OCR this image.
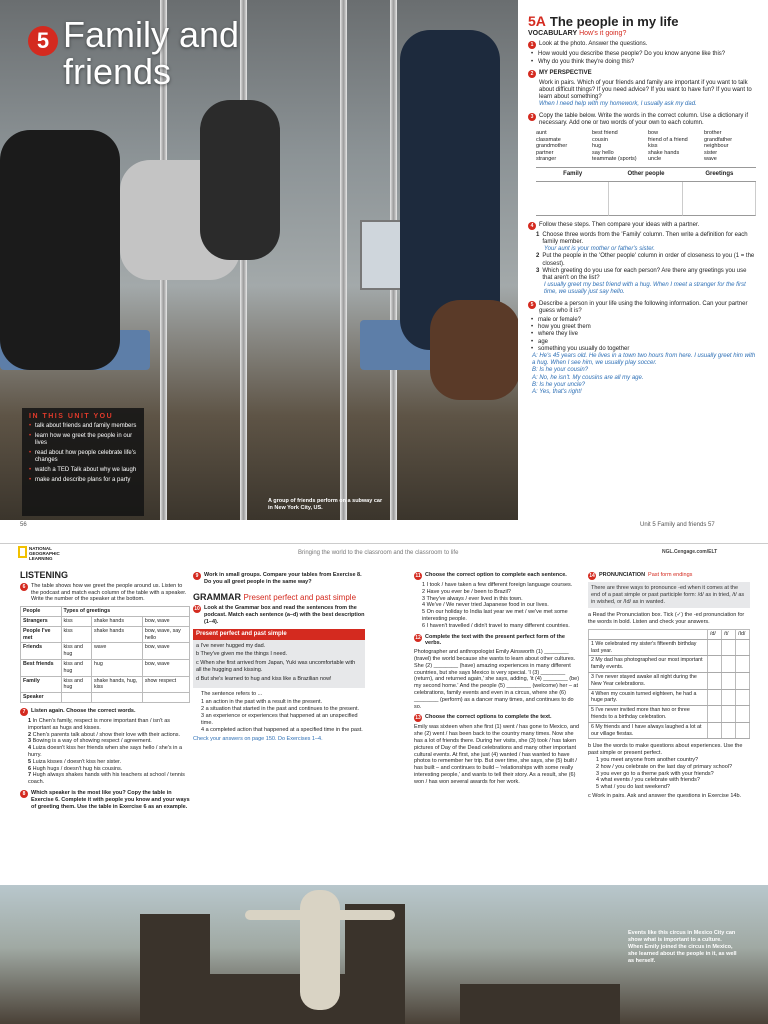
5 Family and friends
IN THIS UNIT YOU
• talk about friends and family members
• learn how we greet the people in our lives
• read about how people celebrate life's changes
• watch a TED Talk about why we laugh
• make and describe plans for a party
A group of friends perform on a subway car in New York City, US.
56
5A The people in my life
VOCABULARY How's it going?
1 Look at the photo. Answer the questions.
• How would you describe these people? Do you know anyone like this?
• Why do you think they're doing this?
2 MY PERSPECTIVE
Work in pairs. Which of your friends and family are important if you want to talk about difficult things? If you need advice? If you want to have fun? If you want to learn about something?
When I need help with my homework, I usually ask my dad.
3 Copy the table below. Write the words in the correct column. Use a dictionary if necessary. Add one or two words of your own to each column.
aunt	best friend	bow	brother
classmate	cousin	friend of a friend	grandfather
grandmother	hug	kiss	neighbour
partner	say hello	shake hands	sister
stranger	teammate (sports)	uncle	wave
Family	Other people	Greetings
4 Follow these steps. Then compare your ideas with a partner.
1 Choose three words from the 'Family' column. Then write a definition for each family member.
Your aunt is your mother or father's sister.
2 Put the people in the 'Other people' column in order of closeness to you (1 = the closest).
3 Which greeting do you use for each person? Are there any greetings you use that aren't on the list?
I usually greet my best friend with a hug. When I meet a stranger for the first time, we usually just say hello.
5 Describe a person in your life using the following information. Can your partner guess who it is?
• male or female?
• how you greet them
• where they live
• age
• something you usually do together
A: He's 45 years old. He lives in a town two hours from here. I usually greet him with a hug. When I see him, we usually play soccer.
B: Is he your cousin?
A: No, he isn't. My cousins are all my age.
B: Is he your uncle?
A: Yes, that's right!
Unit 5 Family and friends 57
NATIONAL GEOGRAPHIC LEARNING
Bringing the world to the classroom and the classroom to life	NGL.Cengage.com/ELT
LISTENING
6	The table shows how we greet the people around us. Listen to the podcast and match each column of the table with a speaker. Write the number of the speaker at the bottom.
People	Types of greetings		
Strangers	kiss	shake hands	bow, wave
People I've met	kiss	shake hands	bow, wave, say hello
Friends	kiss and hug	wave	bow, wave
Best friends	kiss and hug	hug	bow, wave
Family	kiss and hug	shake hands, hug, kiss	show respect
Speaker			
7	Listen again. Choose the correct words.
1 In Chen's family, respect is more important than / isn't as important as hugs and kisses.
2 Chen's parents talk about / show their love with their actions.
3 Bowing is a way of showing respect / agreement.
4 Luiza doesn't kiss her friends when she says hello / she's in a hurry.
5 Luiza kisses / doesn't kiss her sister.
6 Hugh hugs / doesn't hug his cousins.
7 Hugh always shakes hands with his teachers at school / tennis coach.
8	Which speaker is the most like you? Copy the table in Exercise 6. Complete it with people you know and your ways of greeting them. Use the table in Exercise 6 as an example.
9	Work in small groups. Compare your tables from Exercise 8. Do you all greet people in the same way?
GRAMMAR Present perfect and past simple
10 Look at the Grammar box and read the sentences from the podcast. Match each sentence (a–d) with the best description (1–4).
Present perfect and past simple

a I've never hugged my dad.

b They've given me the things I need.

c When she first arrived from Japan, Yuki was uncomfortable with all the hugging and kissing.

d But she's learned to hug and kiss like a Brazilian now!

The sentence refers to ...
1 an action in the past with a result in the present.
2 a situation that started in the past and continues to the present.
3 an experience or experiences that happened at an unspecified time.
4 a completed action that happened at a specified time in the past.
Check your answers on page 150. Do Exercises 1–4.
11 Choose the correct option to complete each sentence.
1 I took / have taken a few different foreign language courses.
2 Have you ever be / been to Brazil?
3 They've always / ever lived in this town.
4 We've / We never tried Japanese food in our lives.
5 On our holiday to India last year we met / we've met some interesting people.
6 I haven't travelled / didn't travel to many different countries.
12 Complete the text with the present perfect form of the verbs.
Photographer and anthropologist Emily Ainsworth (1) ________ (travel) the world because she wants to learn about other cultures. She (2) ________ (have) amazing experiences in many different countries, but she says Mexico is very special. 'I (3) ________ (return), and returned again,' she says, adding, 'it (4) ________ (be) my second home.' And the people (5) ________ (welcome) her – at celebrations, family events and even in a circus, where she (6) ________ (perform) as a dancer many times, and continues to do so.
13 Choose the correct options to complete the text.
Emily was sixteen when she first (1) went / has gone to Mexico, and she (2) went / has been back to the country many times. Now she has a lot of friends there. During her visits, she (3) took / has taken pictures of Day of the Dead celebrations and many other important cultural events. At first, she just (4) wanted / has wanted to have photos to remember her trip. But over time, she says, she (5) built / has built – and continues to build – 'relationships with some really interesting people,' and wants to tell their story. As a result, she (6) won / has won several awards for her work.
14 PRONUNCIATION Past form endings
There are three ways to pronounce -ed when it comes at the end of a past simple or past participle form: /d/ as in tried, /t/ as in wished, or /Id/ as in wanted.
a Read the Pronunciation box. Tick (✓) the -ed pronunciation for the words in bold. Listen and check your answers.
	/d/	/t/	/Id/
1 We celebrated my sister's fifteenth birthday last year.			
2 My dad has photographed our most important family events.			
3 I've never stayed awake all night during the New Year celebrations.			
4 When my cousin turned eighteen, he had a huge party.			
5 I've never invited more than two or three friends to a birthday celebration.			
6 My friends and I have always laughed a lot at our village fiestas.			
b Use the words to make questions about experiences. Use the past simple or present perfect.
1 you meet anyone from another country?
2 how / you celebrate on the last day of primary school?
3 you ever go to a theme park with your friends?
4 what events / you celebrate with friends?
5 what / you do last weekend?
c Work in pairs. Ask and answer the questions in Exercise 14b.
Events like this circus in Mexico City can show what is important to a culture. When Emily joined the circus in Mexico, she learned about the people in it, as well as herself.
